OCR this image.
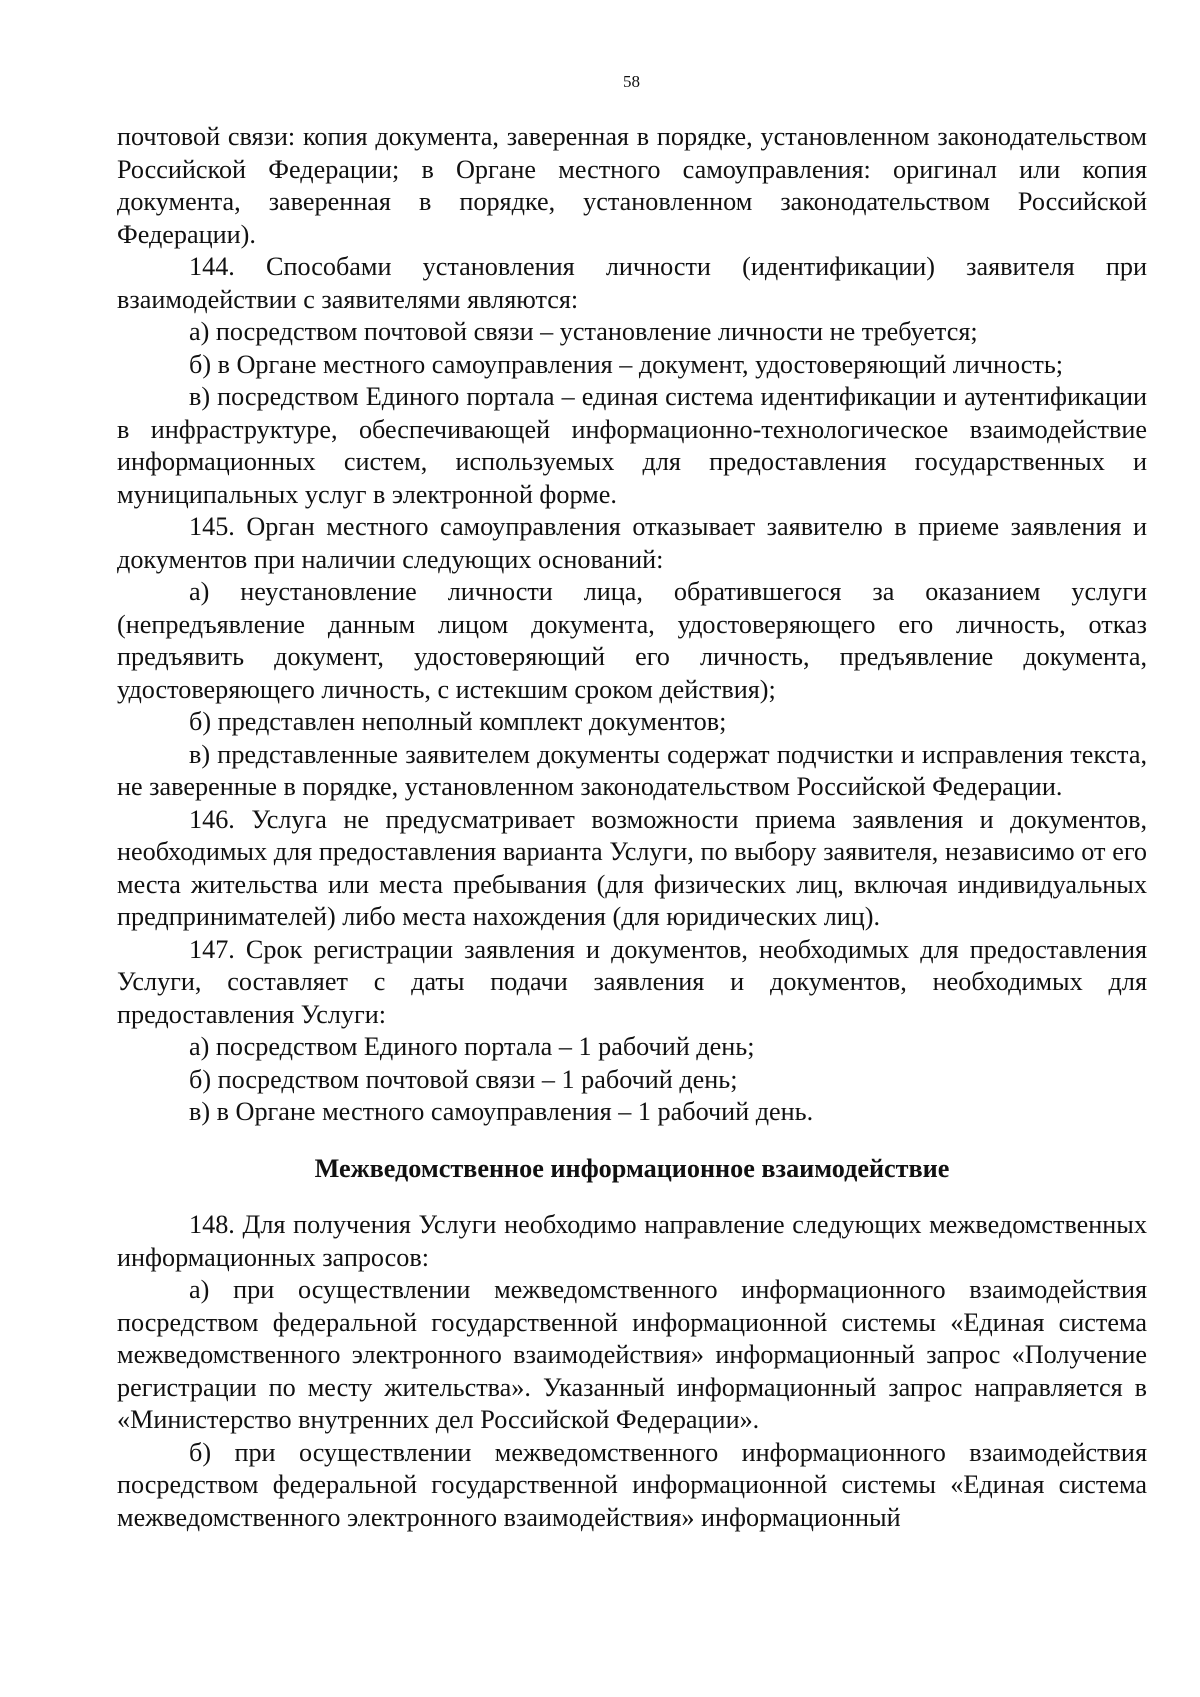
58

почтовой связи: копия документа, заверенная в порядке, установленном законодательством Российской Федерации; в Органе местного самоуправления: оригинал или копия документа, заверенная в порядке, установленном законодательством Российской Федерации).

144. Способами установления личности (идентификации) заявителя при взаимодействии с заявителями являются:

а) посредством почтовой связи – установление личности не требуется;

б) в Органе местного самоуправления – документ, удостоверяющий личность;

в) посредством Единого портала – единая система идентификации и аутентификации в инфраструктуре, обеспечивающей информационно-технологическое взаимодействие информационных систем, используемых для предоставления государственных и муниципальных услуг в электронной форме.

145. Орган местного самоуправления отказывает заявителю в приеме заявления и документов при наличии следующих оснований:

а) неустановление личности лица, обратившегося за оказанием услуги (непредъявление данным лицом документа, удостоверяющего его личность, отказ предъявить документ, удостоверяющий его личность, предъявление документа, удостоверяющего личность, с истекшим сроком действия);

б) представлен неполный комплект документов;

в) представленные заявителем документы содержат подчистки и исправления текста, не заверенные в порядке, установленном законодательством Российской Федерации.

146. Услуга не предусматривает возможности приема заявления и документов, необходимых для предоставления варианта Услуги, по выбору заявителя, независимо от его места жительства или места пребывания (для физических лиц, включая индивидуальных предпринимателей) либо места нахождения (для юридических лиц).

147. Срок регистрации заявления и документов, необходимых для предоставления Услуги, составляет с даты подачи заявления и документов, необходимых для предоставления Услуги:

а) посредством Единого портала – 1 рабочий день;

б) посредством почтовой связи – 1 рабочий день;

в) в Органе местного самоуправления – 1 рабочий день.

Межведомственное информационное взаимодействие

148. Для получения Услуги необходимо направление следующих межведомственных информационных запросов:

а) при осуществлении межведомственного информационного взаимодействия посредством федеральной государственной информационной системы «Единая система межведомственного электронного взаимодействия» информационный запрос «Получение регистрации по месту жительства». Указанный информационный запрос направляется в «Министерство внутренних дел Российской Федерации».

б) при осуществлении межведомственного информационного взаимодействия посредством федеральной государственной информационной системы «Единая система межведомственного электронного взаимодействия» информационный
